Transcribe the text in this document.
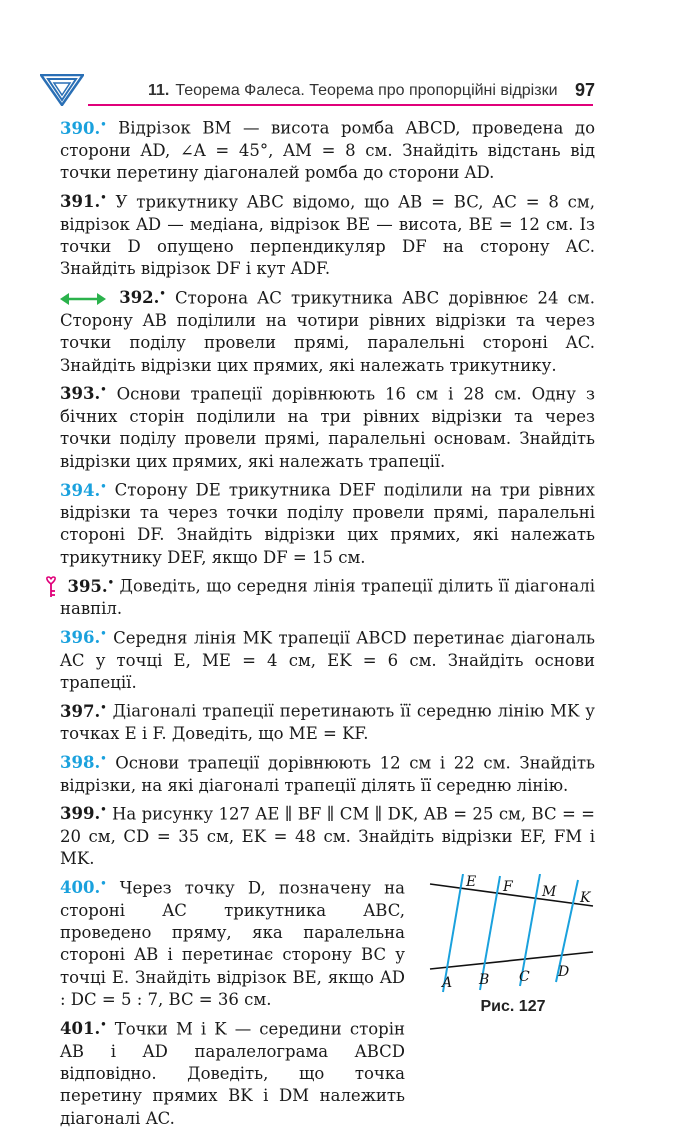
11. Теорема Фалеса. Теорема про пропорційні відрізки 97
390.• Відрізок BM — висота ромба ABCD, проведена до сторони AD, ∠A = 45°, AM = 8 см. Знайдіть відстань від точки перетину діагоналей ромба до сторони AD.
391.• У трикутнику ABC відомо, що AB = BC, AC = 8 см, відрізок AD — медіана, відрізок BE — висота, BE = 12 см. Із точки D опущено перпендикуляр DF на сторону AC. Знайдіть відрізок DF і кут ADF.
392.• Сторона AC трикутника ABC дорівнює 24 см. Сторону AB поділили на чотири рівних відрізки та через точки поділу провели прямі, паралельні стороні AC. Знайдіть відрізки цих прямих, які належать трикутнику.
393.• Основи трапеції дорівнюють 16 см і 28 см. Одну з бічних сторін поділили на три рівних відрізки та через точки поділу провели прямі, паралельні основам. Знайдіть відрізки цих прямих, які належать трапеції.
394.• Сторону DE трикутника DEF поділили на три рівних відрізки та через точки поділу провели прямі, паралельні стороні DF. Знайдіть відрізки цих прямих, які належать трикутнику DEF, якщо DF = 15 см.
395.• Доведіть, що середня лінія трапеції ділить її діагоналі навпіл.
396.• Середня лінія MK трапеції ABCD перетинає діагональ AC у точці E, ME = 4 см, EK = 6 см. Знайдіть основи трапеції.
397.• Діагоналі трапеції перетинають її середню лінію MK у точках E і F. Доведіть, що ME = KF.
398.• Основи трапеції дорівнюють 12 см і 22 см. Знайдіть відрізки, на які діагоналі трапеції ділять її середню лінію.
399.• На рисунку 127 AE ∥ BF ∥ CM ∥ DK, AB = 25 см, BC = = 20 см, CD = 35 см, EK = 48 см. Знайдіть відрізки EF, FM і MK.
E F M K
A B C D
Рис. 127
400.• Через точку D, позначену на стороні AC трикутника ABC, проведено пряму, яка паралельна стороні AB і перетинає сторону BC у точці E. Знайдіть відрізок BE, якщо AD : DC = 5 : 7, BC = 36 см.
401.• Точки M і K — середини сторін AB і AD паралелограма ABCD відповідно. Доведіть, що точка перетину прямих BK і DM належить діагоналі AC.
